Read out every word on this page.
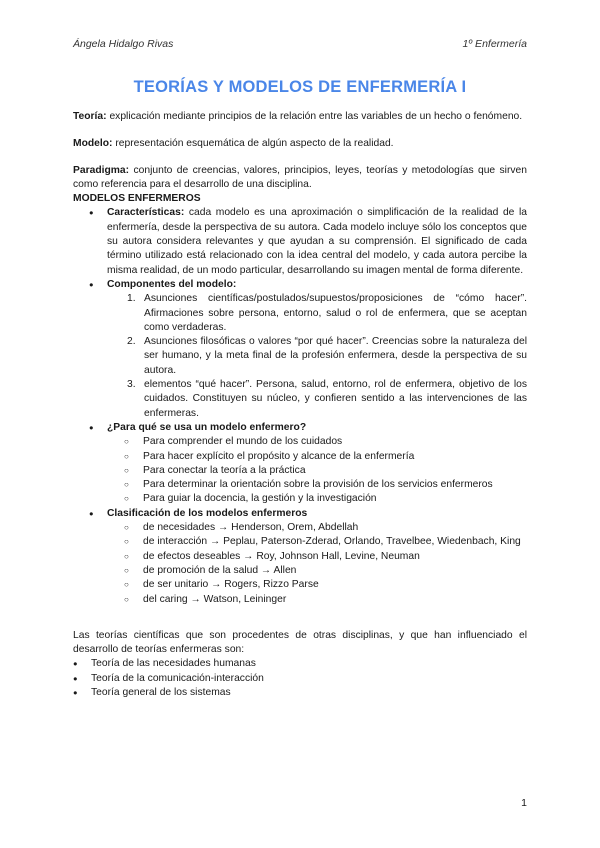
Ángela Hidalgo Rivas	1º Enfermería
TEORÍAS Y MODELOS DE ENFERMERÍA I

Teoría: explicación mediante principios de la relación entre las variables de un hecho o fenómeno.

Modelo: representación esquemática de algún aspecto de la realidad.

Paradigma: conjunto de creencias, valores, principios, leyes, teorías y metodologías que sirven como referencia para el desarrollo de una disciplina.

MODELOS ENFERMEROS

● Características: cada modelo es una aproximación o simplificación de la realidad de la enfermería, desde la perspectiva de su autora. Cada modelo incluye sólo los conceptos que su autora considera relevantes y que ayudan a su comprensión. El significado de cada término utilizado está relacionado con la idea central del modelo, y cada autora percibe la misma realidad, de un modo particular, desarrollando su imagen mental de forma diferente.
● Componentes del modelo:
1. Asunciones científicas/postulados/supuestos/proposiciones de “cómo hacer”. Afirmaciones sobre persona, entorno, salud o rol de enfermera, que se aceptan como verdaderas.
2. Asunciones filosóficas o valores “por qué hacer”. Creencias sobre la naturaleza del ser humano, y la meta final de la profesión enfermera, desde la perspectiva de su autora.
3. elementos “qué hacer”. Persona, salud, entorno, rol de enfermera, objetivo de los cuidados. Constituyen su núcleo, y confieren sentido a las intervenciones de las enfermeras.
● ¿Para qué se usa un modelo enfermero?
○ Para comprender el mundo de los cuidados
○ Para hacer explícito el propósito y alcance de la enfermería
○ Para conectar la teoría a la práctica
○ Para determinar la orientación sobre la provisión de los servicios enfermeros
○ Para guiar la docencia, la gestión y la investigación
● Clasificación de los modelos enfermeros
○ de necesidades → Henderson, Orem, Abdellah
○ de interacción → Peplau, Paterson-Zderad, Orlando, Travelbee, Wiedenbach, King
○ de efectos deseables → Roy, Johnson Hall, Levine, Neuman
○ de promoción de la salud → Allen
○ de ser unitario → Rogers, Rizzo Parse
○ del caring → Watson, Leininger

Las teorías científicas que son procedentes de otras disciplinas, y que han influenciado el desarrollo de teorías enfermeras son:

● Teoría de las necesidades humanas
● Teoría de la comunicación-interacción
● Teoría general de los sistemas
1
